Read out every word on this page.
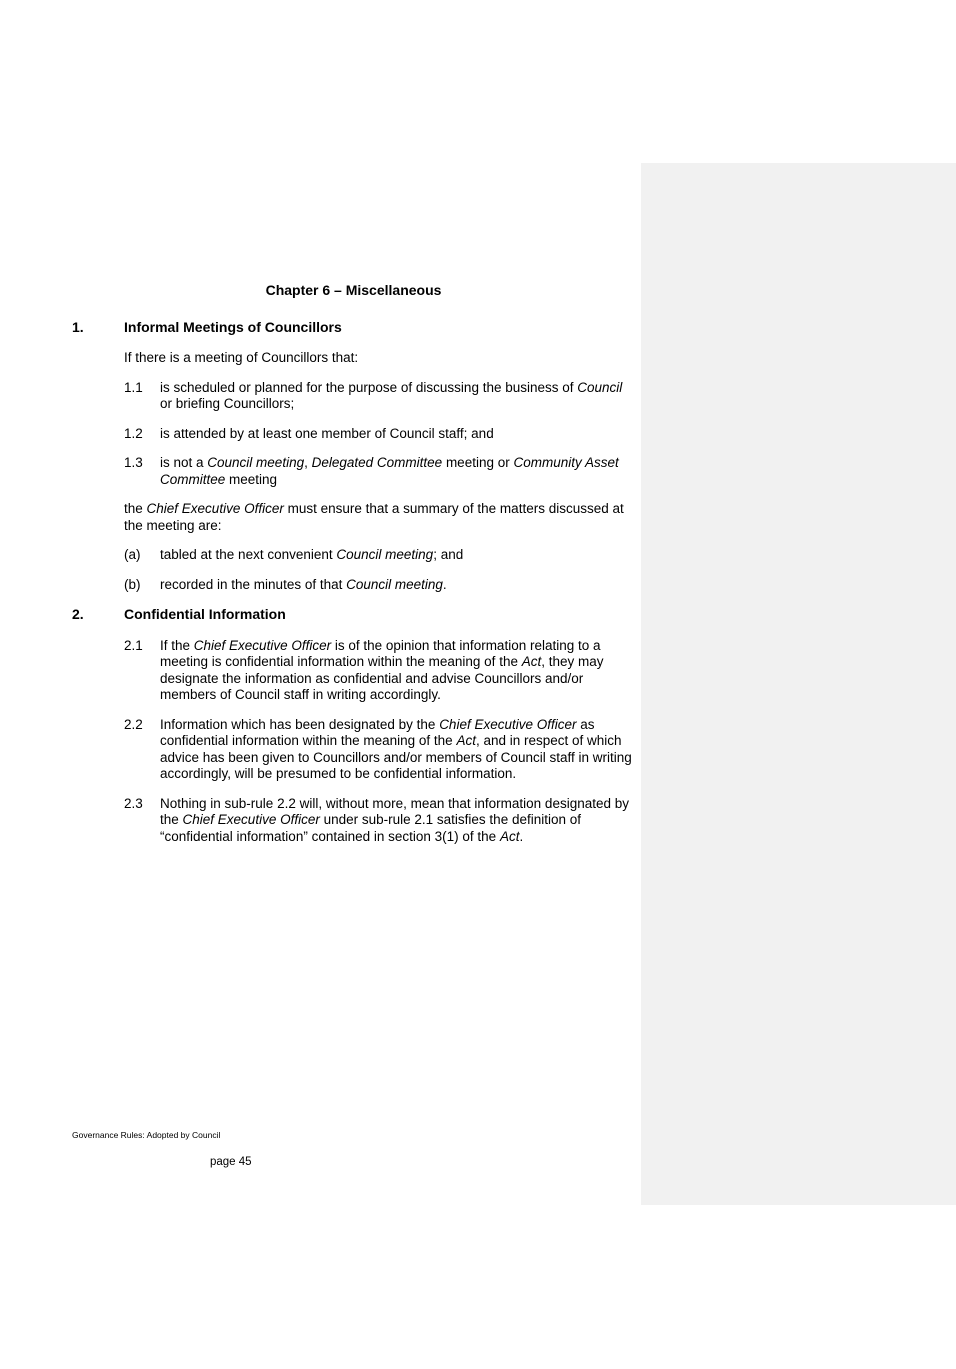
Chapter 6 – Miscellaneous
1.	Informal Meetings of Councillors
If there is a meeting of Councillors that:
1.1	is scheduled or planned for the purpose of discussing the business of Council or briefing Councillors;
1.2	is attended by at least one member of Council staff; and
1.3	is not a Council meeting, Delegated Committee meeting or Community Asset Committee meeting
the Chief Executive Officer must ensure that a summary of the matters discussed at the meeting are:
(a)	tabled at the next convenient Council meeting; and
(b)	recorded in the minutes of that Council meeting.
2.	Confidential Information
2.1	If the Chief Executive Officer is of the opinion that information relating to a meeting is confidential information within the meaning of the Act, they may designate the information as confidential and advise Councillors and/or members of Council staff in writing accordingly.
2.2	Information which has been designated by the Chief Executive Officer as confidential information within the meaning of the Act, and in respect of which advice has been given to Councillors and/or members of Council staff in writing accordingly, will be presumed to be confidential information.
2.3	Nothing in sub-rule 2.2 will, without more, mean that information designated by the Chief Executive Officer under sub-rule 2.1 satisfies the definition of “confidential information” contained in section 3(1) of the Act.
Governance Rules: Adopted by Council
page 45
